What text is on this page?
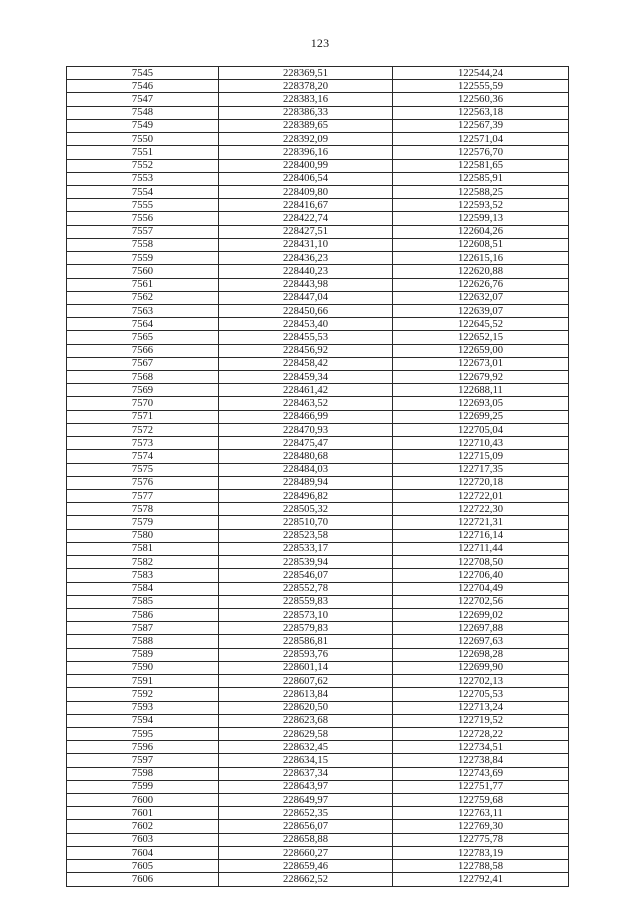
123
7545	228369,51	122544,24
7546	228378,20	122555,59
7547	228383,16	122560,36
7548	228386,33	122563,18
7549	228389,65	122567,39
7550	228392,09	122571,04
7551	228396,16	122576,70
7552	228400,99	122581,65
7553	228406,54	122585,91
7554	228409,80	122588,25
7555	228416,67	122593,52
7556	228422,74	122599,13
7557	228427,51	122604,26
7558	228431,10	122608,51
7559	228436,23	122615,16
7560	228440,23	122620,88
7561	228443,98	122626,76
7562	228447,04	122632,07
7563	228450,66	122639,07
7564	228453,40	122645,52
7565	228455,53	122652,15
7566	228456,92	122659,00
7567	228458,42	122673,01
7568	228459,34	122679,92
7569	228461,42	122688,11
7570	228463,52	122693,05
7571	228466,99	122699,25
7572	228470,93	122705,04
7573	228475,47	122710,43
7574	228480,68	122715,09
7575	228484,03	122717,35
7576	228489,94	122720,18
7577	228496,82	122722,01
7578	228505,32	122722,30
7579	228510,70	122721,31
7580	228523,58	122716,14
7581	228533,17	122711,44
7582	228539,94	122708,50
7583	228546,07	122706,40
7584	228552,78	122704,49
7585	228559,83	122702,56
7586	228573,10	122699,02
7587	228579,83	122697,88
7588	228586,81	122697,63
7589	228593,76	122698,28
7590	228601,14	122699,90
7591	228607,62	122702,13
7592	228613,84	122705,53
7593	228620,50	122713,24
7594	228623,68	122719,52
7595	228629,58	122728,22
7596	228632,45	122734,51
7597	228634,15	122738,84
7598	228637,34	122743,69
7599	228643,97	122751,77
7600	228649,97	122759,68
7601	228652,35	122763,11
7602	228656,07	122769,30
7603	228658,88	122775,78
7604	228660,27	122783,19
7605	228659,46	122788,58
7606	228662,52	122792,41
